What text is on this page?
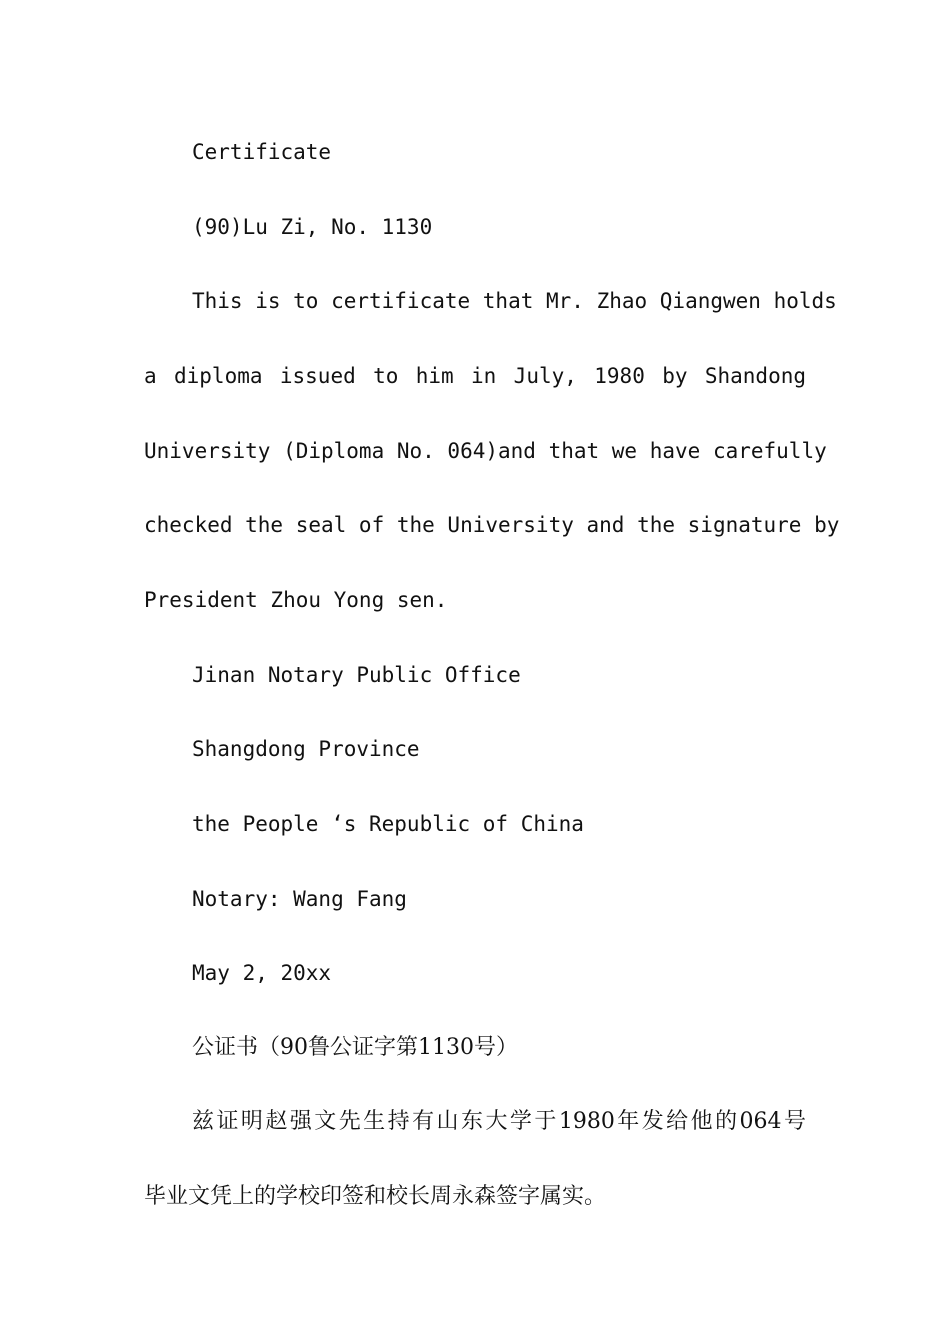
Certificate

(90)Lu Zi, No. 1130

This is to certificate that Mr. Zhao Qiangwen holds

a diploma issued to him in July, 1980 by Shandong

University (Diploma No. 064)and that we have carefully

checked the seal of the University and the signature by

President Zhou Yong sen.

Jinan Notary Public Office

Shangdong Province

the People ‘s Republic of China

Notary: Wang Fang

May 2, 20xx

公证书（90鲁公证字第1130号）

兹证明赵强文先生持有山东大学于1980年发给他的064号

毕业文凭上的学校印签和校长周永森签字属实。
